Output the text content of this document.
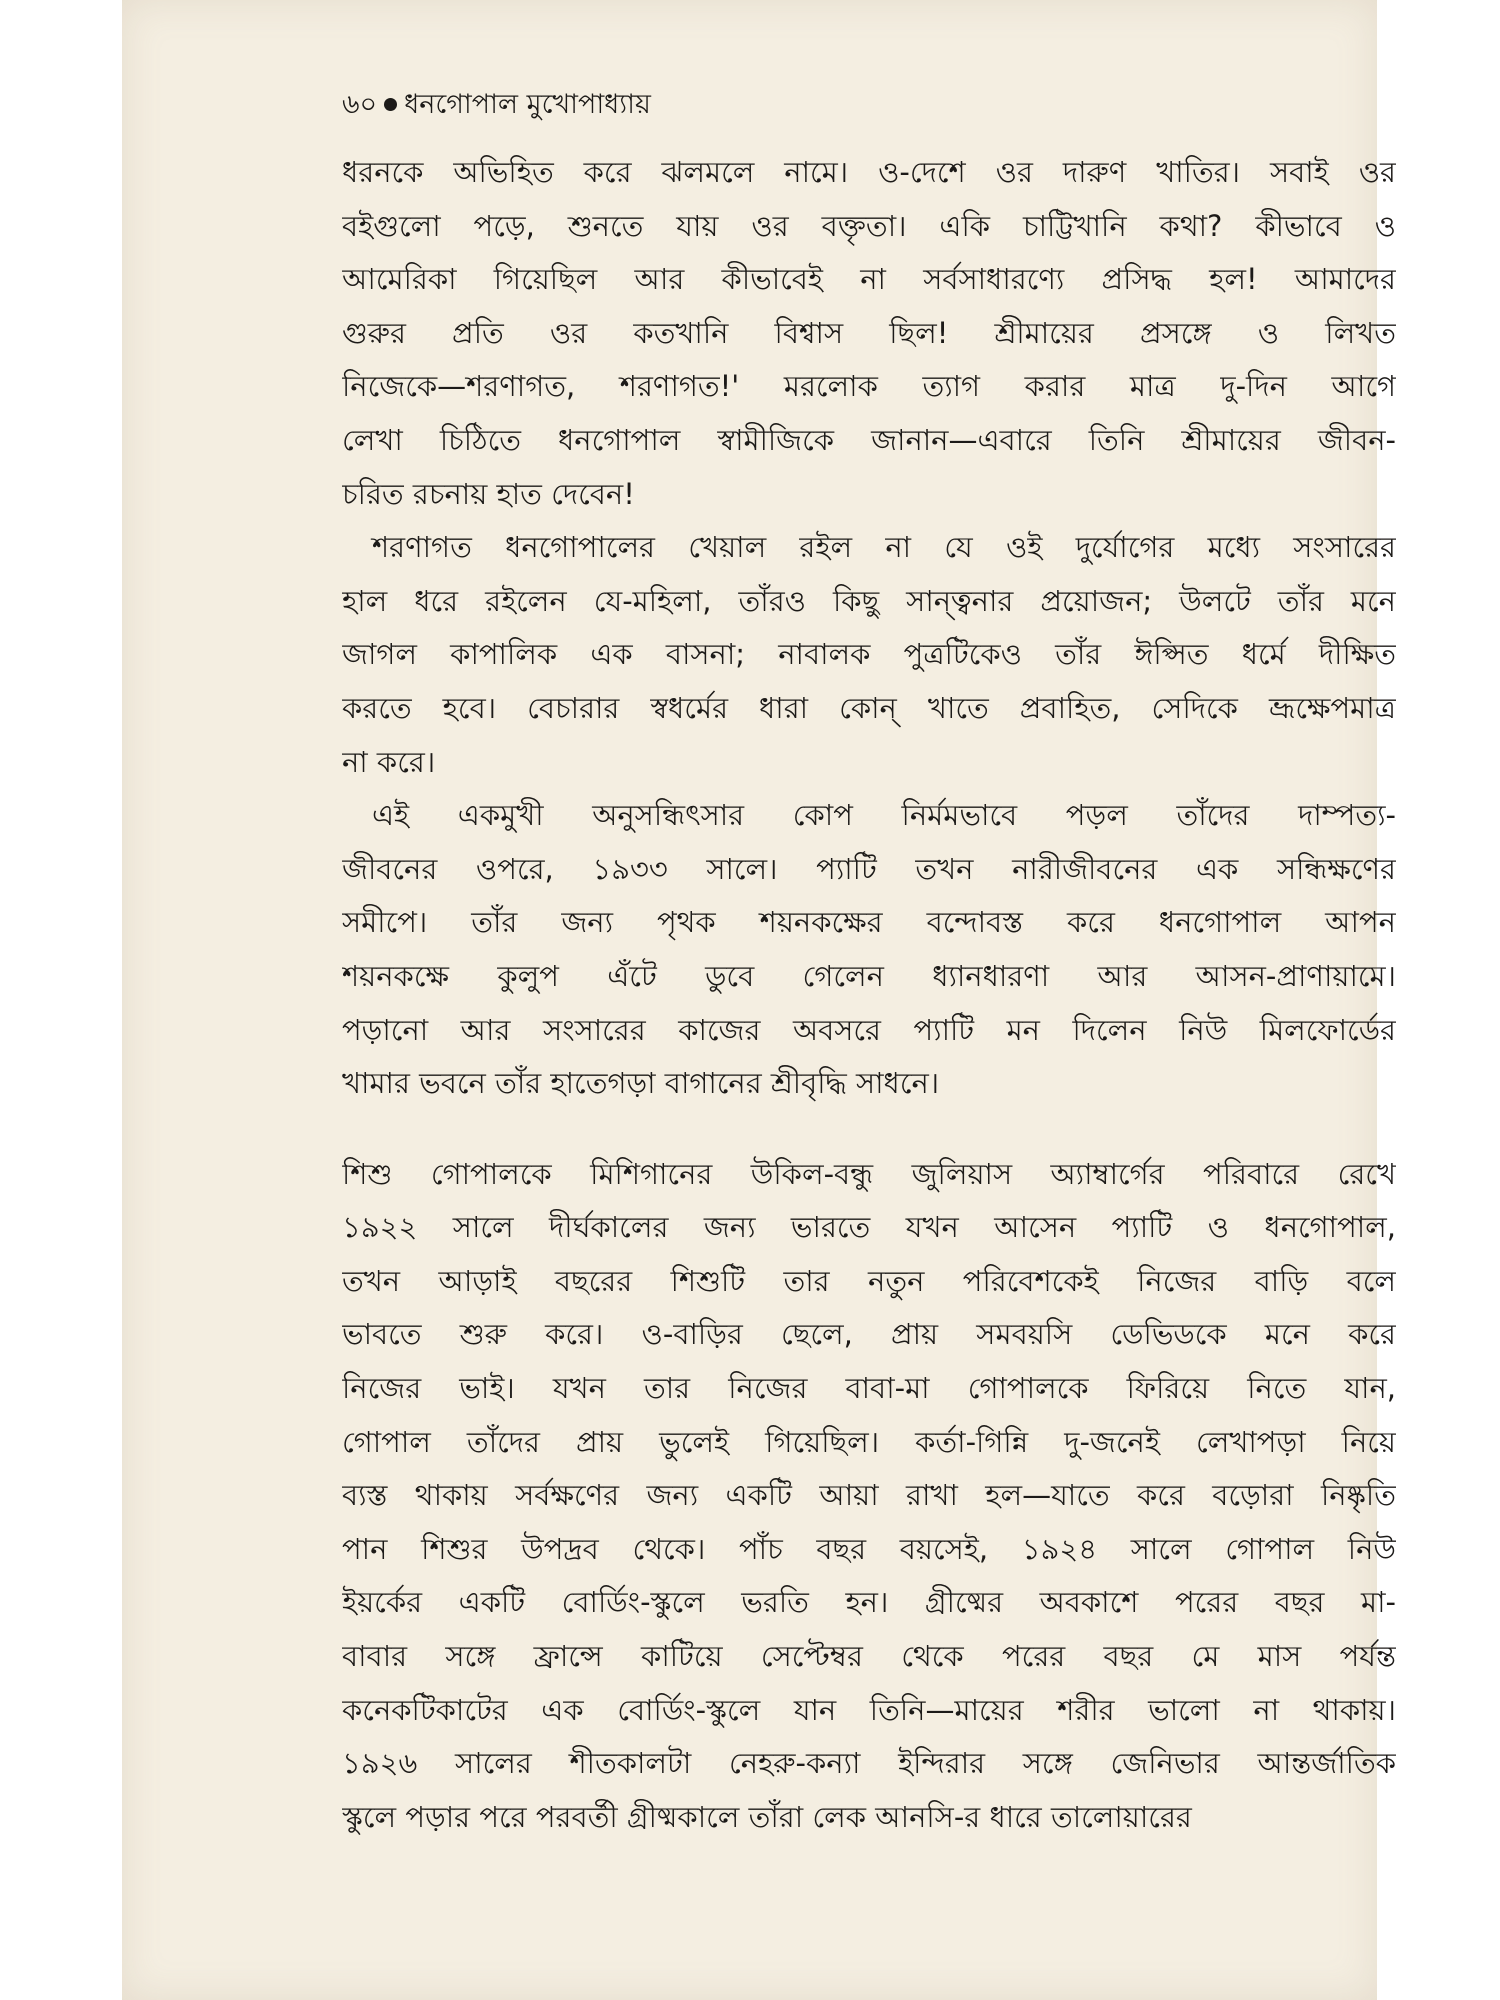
৬০ ধনগোপাল মুখোপাধ্যায়
ধরনকে অভিহিত করে ঝলমলে নামে। ও-দেশে ওর দারুণ খাতির। সবাই ওর
বইগুলো পড়ে, শুনতে যায় ওর বক্তৃতা। একি চাট্টিখানি কথা? কীভাবে ও
আমেরিকা গিয়েছিল আর কীভাবেই না সর্বসাধারণ্যে প্রসিদ্ধ হল! আমাদের
গুরুর প্রতি ওর কতখানি বিশ্বাস ছিল! শ্রীমায়ের প্রসঙ্গে ও লিখত
নিজেকে—শরণাগত, শরণাগত!' মরলোক ত্যাগ করার মাত্র দু-দিন আগে
লেখা চিঠিতে ধনগোপাল স্বামীজিকে জানান—এবারে তিনি শ্রীমায়ের জীবন-
চরিত রচনায় হাত দেবেন!
শরণাগত ধনগোপালের খেয়াল রইল না যে ওই দুর্যোগের মধ্যে সংসারের
হাল ধরে রইলেন যে-মহিলা, তাঁরও কিছু সান্ত্বনার প্রয়োজন; উলটে তাঁর মনে
জাগল কাপালিক এক বাসনা; নাবালক পুত্রটিকেও তাঁর ঈপ্সিত ধর্মে দীক্ষিত
করতে হবে। বেচারার স্বধর্মের ধারা কোন্ খাতে প্রবাহিত, সেদিকে ভ্রূক্ষেপমাত্র
না করে।
এই একমুখী অনুসন্ধিৎসার কোপ নির্মমভাবে পড়ল তাঁদের দাম্পত্য-
জীবনের ওপরে, ১৯৩৩ সালে। প্যাটি তখন নারীজীবনের এক সন্ধিক্ষণের
সমীপে। তাঁর জন্য পৃথক শয়নকক্ষের বন্দোবস্ত করে ধনগোপাল আপন
শয়নকক্ষে কুলুপ এঁটে ডুবে গেলেন ধ্যানধারণা আর আসন-প্রাণায়ামে।
পড়ানো আর সংসারের কাজের অবসরে প্যাটি মন দিলেন নিউ মিলফোর্ডের
খামার ভবনে তাঁর হাতেগড়া বাগানের শ্রীবৃদ্ধি সাধনে।
শিশু গোপালকে মিশিগানের উকিল-বন্ধু জুলিয়াস অ্যাম্বার্গের পরিবারে রেখে
১৯২২ সালে দীর্ঘকালের জন্য ভারতে যখন আসেন প্যাটি ও ধনগোপাল,
তখন আড়াই বছরের শিশুটি তার নতুন পরিবেশকেই নিজের বাড়ি বলে
ভাবতে শুরু করে। ও-বাড়ির ছেলে, প্রায় সমবয়সি ডেভিডকে মনে করে
নিজের ভাই। যখন তার নিজের বাবা-মা গোপালকে ফিরিয়ে নিতে যান,
গোপাল তাঁদের প্রায় ভুলেই গিয়েছিল। কর্তা-গিন্নি দু-জনেই লেখাপড়া নিয়ে
ব্যস্ত থাকায় সর্বক্ষণের জন্য একটি আয়া রাখা হল—যাতে করে বড়োরা নিষ্কৃতি
পান শিশুর উপদ্রব থেকে। পাঁচ বছর বয়সেই, ১৯২৪ সালে গোপাল নিউ
ইয়র্কের একটি বোর্ডিং-স্কুলে ভরতি হন। গ্রীষ্মের অবকাশে পরের বছর মা-
বাবার সঙ্গে ফ্রান্সে কাটিয়ে সেপ্টেম্বর থেকে পরের বছর মে মাস পর্যন্ত
কনেকটিকাটের এক বোর্ডিং-স্কুলে যান তিনি—মায়ের শরীর ভালো না থাকায়।
১৯২৬ সালের শীতকালটা নেহরু-কন্যা ইন্দিরার সঙ্গে জেনিভার আন্তর্জাতিক
স্কুলে পড়ার পরে পরবর্তী গ্রীষ্মকালে তাঁরা লেক আনসি-র ধারে তালোয়ারের
